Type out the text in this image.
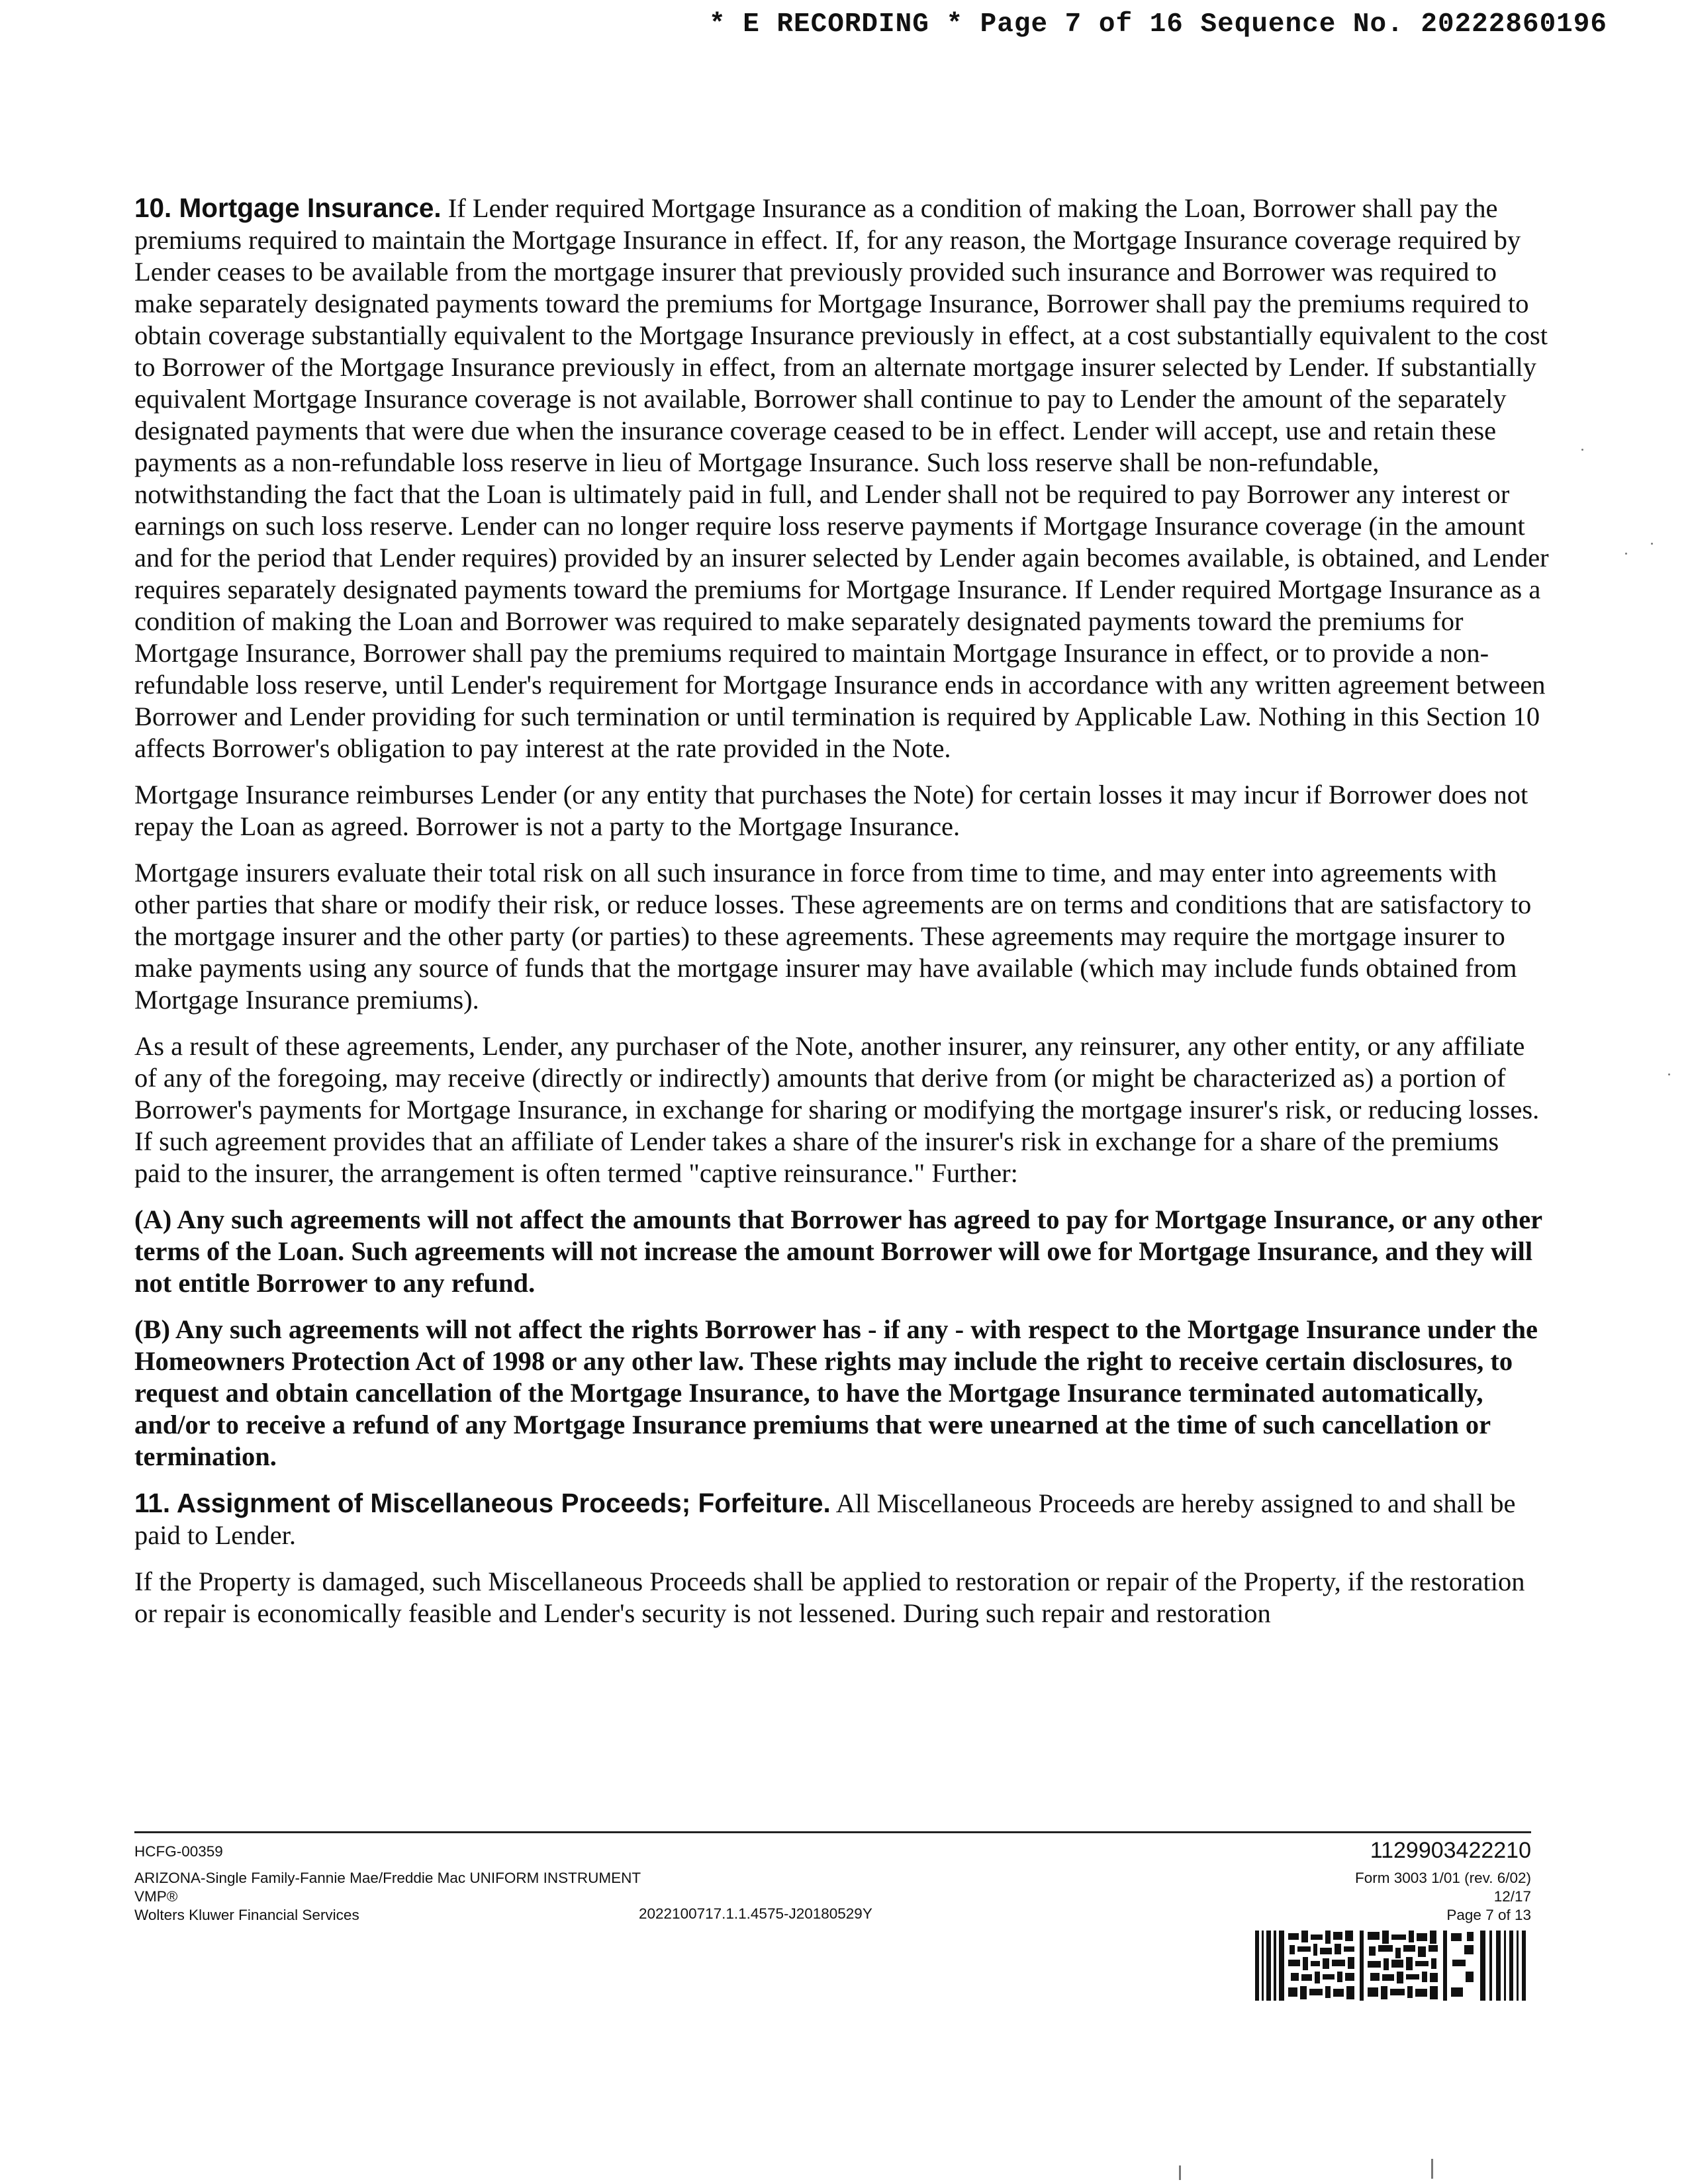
* E RECORDING * Page 7 of 16 Sequence No. 20222860196

10. Mortgage Insurance. If Lender required Mortgage Insurance as a condition of making the Loan, Borrower shall pay the premiums required to maintain the Mortgage Insurance in effect. If, for any reason, the Mortgage Insurance coverage required by Lender ceases to be available from the mortgage insurer that previously provided such insurance and Borrower was required to make separately designated payments toward the premiums for Mortgage Insurance, Borrower shall pay the premiums required to obtain coverage substantially equivalent to the Mortgage Insurance previously in effect, at a cost substantially equivalent to the cost to Borrower of the Mortgage Insurance previously in effect, from an alternate mortgage insurer selected by Lender. If substantially equivalent Mortgage Insurance coverage is not available, Borrower shall continue to pay to Lender the amount of the separately designated payments that were due when the insurance coverage ceased to be in effect. Lender will accept, use and retain these payments as a non-refundable loss reserve in lieu of Mortgage Insurance. Such loss reserve shall be non-refundable, notwithstanding the fact that the Loan is ultimately paid in full, and Lender shall not be required to pay Borrower any interest or earnings on such loss reserve. Lender can no longer require loss reserve payments if Mortgage Insurance coverage (in the amount and for the period that Lender requires) provided by an insurer selected by Lender again becomes available, is obtained, and Lender requires separately designated payments toward the premiums for Mortgage Insurance. If Lender required Mortgage Insurance as a condition of making the Loan and Borrower was required to make separately designated payments toward the premiums for Mortgage Insurance, Borrower shall pay the premiums required to maintain Mortgage Insurance in effect, or to provide a non-refundable loss reserve, until Lender's requirement for Mortgage Insurance ends in accordance with any written agreement between Borrower and Lender providing for such termination or until termination is required by Applicable Law. Nothing in this Section 10 affects Borrower's obligation to pay interest at the rate provided in the Note.

Mortgage Insurance reimburses Lender (or any entity that purchases the Note) for certain losses it may incur if Borrower does not repay the Loan as agreed. Borrower is not a party to the Mortgage Insurance.

Mortgage insurers evaluate their total risk on all such insurance in force from time to time, and may enter into agreements with other parties that share or modify their risk, or reduce losses. These agreements are on terms and conditions that are satisfactory to the mortgage insurer and the other party (or parties) to these agreements. These agreements may require the mortgage insurer to make payments using any source of funds that the mortgage insurer may have available (which may include funds obtained from Mortgage Insurance premiums).

As a result of these agreements, Lender, any purchaser of the Note, another insurer, any reinsurer, any other entity, or any affiliate of any of the foregoing, may receive (directly or indirectly) amounts that derive from (or might be characterized as) a portion of Borrower's payments for Mortgage Insurance, in exchange for sharing or modifying the mortgage insurer's risk, or reducing losses. If such agreement provides that an affiliate of Lender takes a share of the insurer's risk in exchange for a share of the premiums paid to the insurer, the arrangement is often termed "captive reinsurance." Further:

(A) Any such agreements will not affect the amounts that Borrower has agreed to pay for Mortgage Insurance, or any other terms of the Loan. Such agreements will not increase the amount Borrower will owe for Mortgage Insurance, and they will not entitle Borrower to any refund.

(B) Any such agreements will not affect the rights Borrower has - if any - with respect to the Mortgage Insurance under the Homeowners Protection Act of 1998 or any other law. These rights may include the right to receive certain disclosures, to request and obtain cancellation of the Mortgage Insurance, to have the Mortgage Insurance terminated automatically, and/or to receive a refund of any Mortgage Insurance premiums that were unearned at the time of such cancellation or termination.

11. Assignment of Miscellaneous Proceeds; Forfeiture. All Miscellaneous Proceeds are hereby assigned to and shall be paid to Lender.

If the Property is damaged, such Miscellaneous Proceeds shall be applied to restoration or repair of the Property, if the restoration or repair is economically feasible and Lender's security is not lessened. During such repair and restoration

HCFG-00359
ARIZONA-Single Family-Fannie Mae/Freddie Mac UNIFORM INSTRUMENT
VMP®
Wolters Kluwer Financial Services	2022100717.1.1.4575-J20180529Y
1129903422210
Form 3003 1/01 (rev. 6/02)
12/17
Page 7 of 13
